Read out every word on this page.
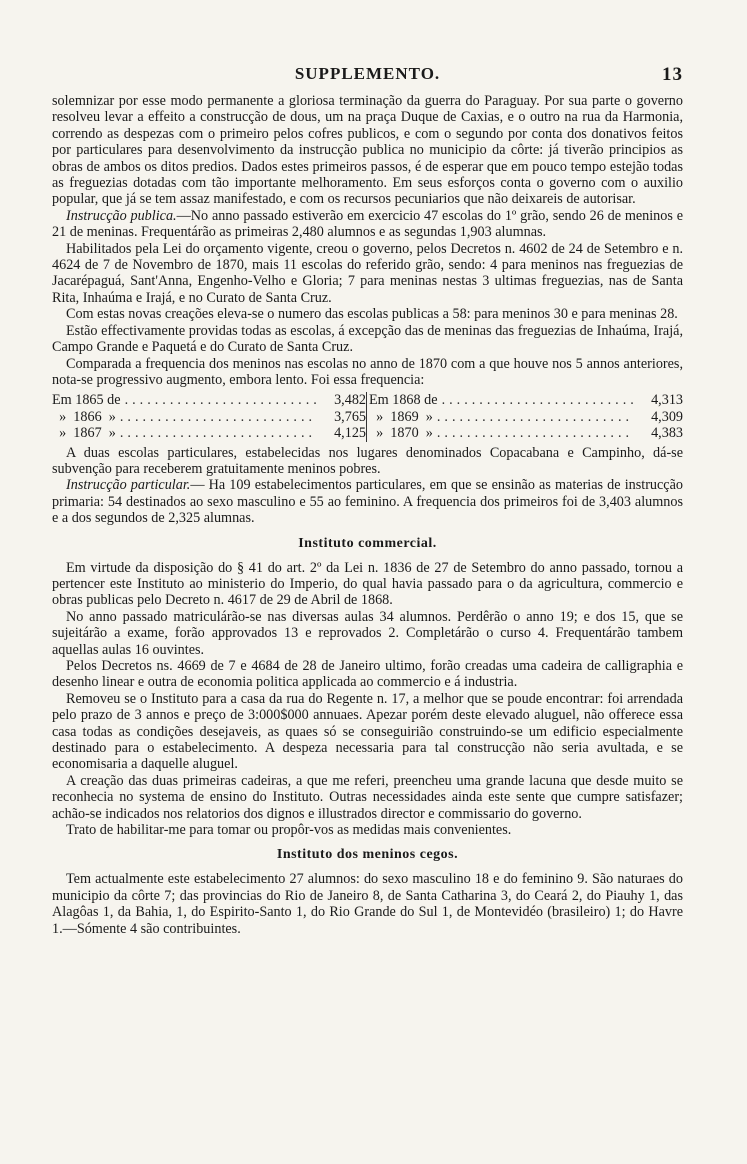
SUPPLEMENTO.	13

solemnizar por esse modo permanente a gloriosa terminação da guerra do Paraguay. Por sua parte o governo resolveu levar a effeito a construcção de dous, um na praça Duque de Caxias, e o outro na rua da Harmonia, correndo as despezas com o primeiro pelos cofres publicos, e com o segundo por conta dos donativos feitos por particulares para desenvolvimento da instrucção publica no municipio da côrte: já tiverão principios as obras de ambos os ditos predios. Dados estes primeiros passos, é de esperar que em pouco tempo estejão todas as freguezias dotadas com tão importante melhoramento. Em seus esforços conta o governo com o auxilio popular, que já se tem assaz manifestado, e com os recursos pecuniarios que não deixareis de autorisar.

Instrucção publica.—No anno passado estiverão em exercicio 47 escolas do 1º grão, sendo 26 de meninos e 21 de meninas. Frequentárão as primeiras 2,480 alumnos e as segundas 1,903 alumnas.

Habilitados pela Lei do orçamento vigente, creou o governo, pelos Decretos n. 4602 de 24 de Setembro e n. 4624 de 7 de Novembro de 1870, mais 11 escolas do referido grão, sendo: 4 para meninos nas freguezias de Jacarépaguá, Sant'Anna, Engenho-Velho e Gloria; 7 para meninas nestas 3 ultimas freguezias, nas de Santa Rita, Inhaúma e Irajá, e no Curato de Santa Cruz.

Com estas novas creações eleva-se o numero das escolas publicas a 58: para meninos 30 e para meninas 28.

Estão effectivamente providas todas as escolas, á excepção das de meninas das freguezias de Inhaúma, Irajá, Campo Grande e Paquetá e do Curato de Santa Cruz.

Comparada a frequencia dos meninos nas escolas no anno de 1870 com a que houve nos 5 annos anteriores, nota-se progressivo augmento, embora lento. Foi essa frequencia:

Em 1865 de .......................... 3,482
»  1866  » ..........................	3,765
»  1867  » ..........................	4,125
Em 1868 de .......................... 4,313
»  1869  » ..........................	4,309
»  1870  » ..........................	4,383

A duas escolas particulares, estabelecidas nos lugares denominados Copacabana e Campinho, dá-se subvenção para receberem gratuitamente meninos pobres.

Instrucção particular.— Ha 109 estabelecimentos particulares, em que se ensinão as materias de instrucção primaria: 54 destinados ao sexo masculino e 55 ao feminino. A frequencia dos primeiros foi de 3,403 alumnos e a dos segundos de 2,325 alumnas.

Instituto commercial.

Em virtude da disposição do § 41 do art. 2º da Lei n. 1836 de 27 de Setembro do anno passado, tornou a pertencer este Instituto ao ministerio do Imperio, do qual havia passado para o da agricultura, commercio e obras publicas pelo Decreto n. 4617 de 29 de Abril de 1868.

No anno passado matriculárão-se nas diversas aulas 34 alumnos. Perdêrão o anno 19; e dos 15, que se sujeitárão a exame, forão approvados 13 e reprovados 2. Completárão o curso 4. Frequentárão tambem aquellas aulas 16 ouvintes.

Pelos Decretos ns. 4669 de 7 e 4684 de 28 de Janeiro ultimo, forão creadas uma cadeira de calligraphia e desenho linear e outra de economia politica applicada ao commercio e á industria.

Removeu se o Instituto para a casa da rua do Regente n. 17, a melhor que se poude encontrar: foi arrendada pelo prazo de 3 annos e preço de 3:000$000 annuaes. Apezar porém deste elevado aluguel, não offerece essa casa todas as condições desejaveis, as quaes só se conseguirião construindo-se um edificio especialmente destinado para o estabelecimento. A despeza necessaria para tal construcção não seria avultada, e se economisaria a daquelle aluguel.

A creação das duas primeiras cadeiras, a que me referi, preencheu uma grande lacuna que desde muito se reconhecia no systema de ensino do Instituto. Outras necessidades ainda este sente que cumpre satisfazer; achão-se indicados nos relatorios dos dignos e illustrados director e commissario do governo.

Trato de habilitar-me para tomar ou propôr-vos as medidas mais convenientes.

Instituto dos meninos cegos.

Tem actualmente este estabelecimento 27 alumnos: do sexo masculino 18 e do feminino 9. São naturaes do municipio da côrte 7; das provincias do Rio de Janeiro 8, de Santa Catharina 3, do Ceará 2, do Piauhy 1, das Alagôas 1, da Bahia, 1, do Espirito-Santo 1, do Rio Grande do Sul 1, de Montevidéo (brasileiro) 1; do Havre 1.—Sómente 4 são contribuintes.
